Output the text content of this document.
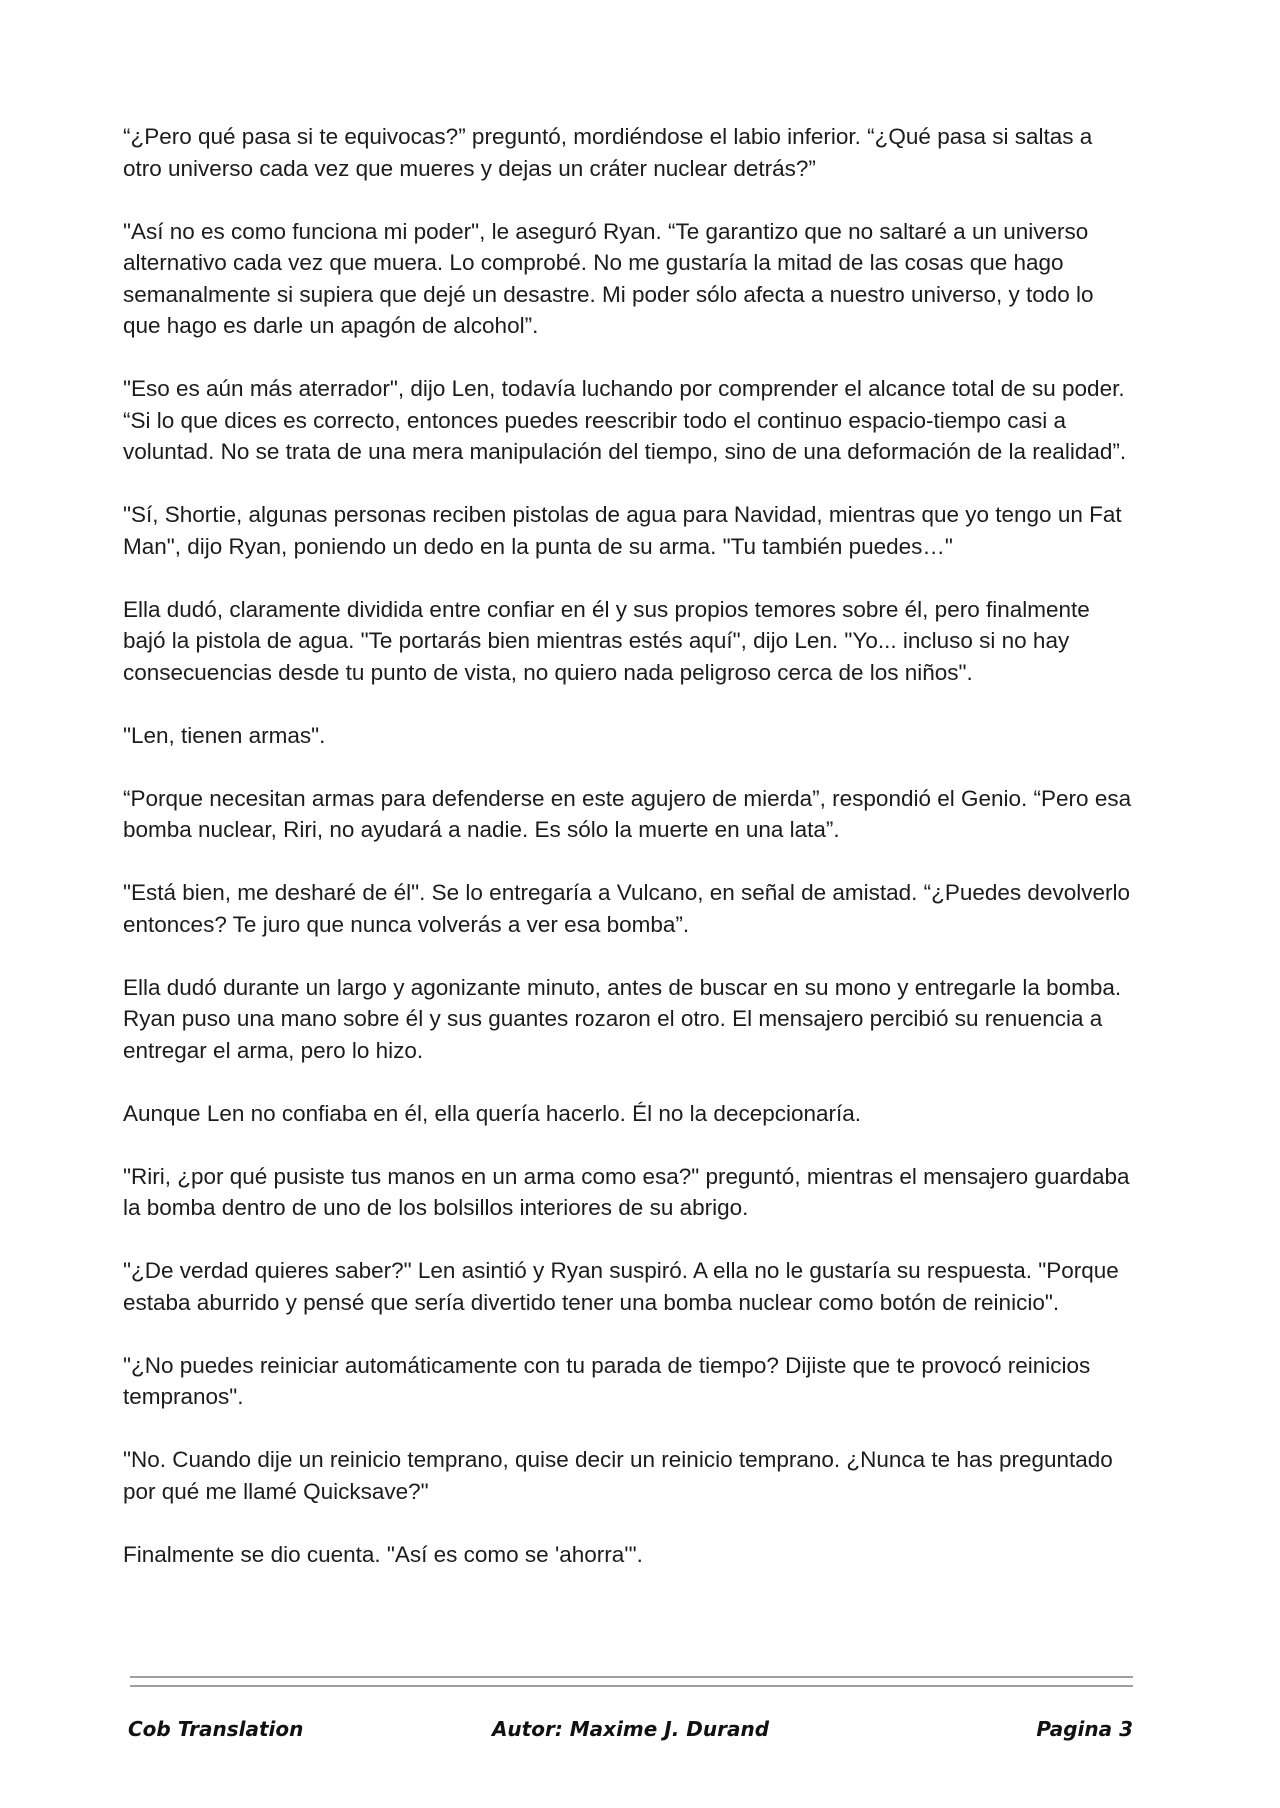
“¿Pero qué pasa si te equivocas?” preguntó, mordiéndose el labio inferior. “¿Qué pasa si saltas a otro universo cada vez que mueres y dejas un cráter nuclear detrás?”

"Así no es como funciona mi poder", le aseguró Ryan. “Te garantizo que no saltaré a un universo alternativo cada vez que muera. Lo comprobé. No me gustaría la mitad de las cosas que hago semanalmente si supiera que dejé un desastre. Mi poder sólo afecta a nuestro universo, y todo lo que hago es darle un apagón de alcohol”.

"Eso es aún más aterrador", dijo Len, todavía luchando por comprender el alcance total de su poder. “Si lo que dices es correcto, entonces puedes reescribir todo el continuo espacio-tiempo casi a voluntad. No se trata de una mera manipulación del tiempo, sino de una deformación de la realidad”.

"Sí, Shortie, algunas personas reciben pistolas de agua para Navidad, mientras que yo tengo un Fat Man", dijo Ryan, poniendo un dedo en la punta de su arma. "Tu también puedes…"

Ella dudó, claramente dividida entre confiar en él y sus propios temores sobre él, pero finalmente bajó la pistola de agua. "Te portarás bien mientras estés aquí", dijo Len. "Yo... incluso si no hay consecuencias desde tu punto de vista, no quiero nada peligroso cerca de los niños".

"Len, tienen armas".

“Porque necesitan armas para defenderse en este agujero de mierda”, respondió el Genio. “Pero esa bomba nuclear, Riri, no ayudará a nadie. Es sólo la muerte en una lata”.

"Está bien, me desharé de él". Se lo entregaría a Vulcano, en señal de amistad. “¿Puedes devolverlo entonces? Te juro que nunca volverás a ver esa bomba”.

Ella dudó durante un largo y agonizante minuto, antes de buscar en su mono y entregarle la bomba. Ryan puso una mano sobre él y sus guantes rozaron el otro. El mensajero percibió su renuencia a entregar el arma, pero lo hizo.

Aunque Len no confiaba en él, ella quería hacerlo. Él no la decepcionaría.

"Riri, ¿por qué pusiste tus manos en un arma como esa?" preguntó, mientras el mensajero guardaba la bomba dentro de uno de los bolsillos interiores de su abrigo.

"¿De verdad quieres saber?" Len asintió y Ryan suspiró. A ella no le gustaría su respuesta. "Porque estaba aburrido y pensé que sería divertido tener una bomba nuclear como botón de reinicio".

"¿No puedes reiniciar automáticamente con tu parada de tiempo? Dijiste que te provocó reinicios tempranos".

"No. Cuando dije un reinicio temprano, quise decir un reinicio temprano. ¿Nunca te has preguntado por qué me llamé Quicksave?"

Finalmente se dio cuenta. "Así es como se 'ahorra'".

Cob Translation	Autor: Maxime J. Durand	Pagina 3
